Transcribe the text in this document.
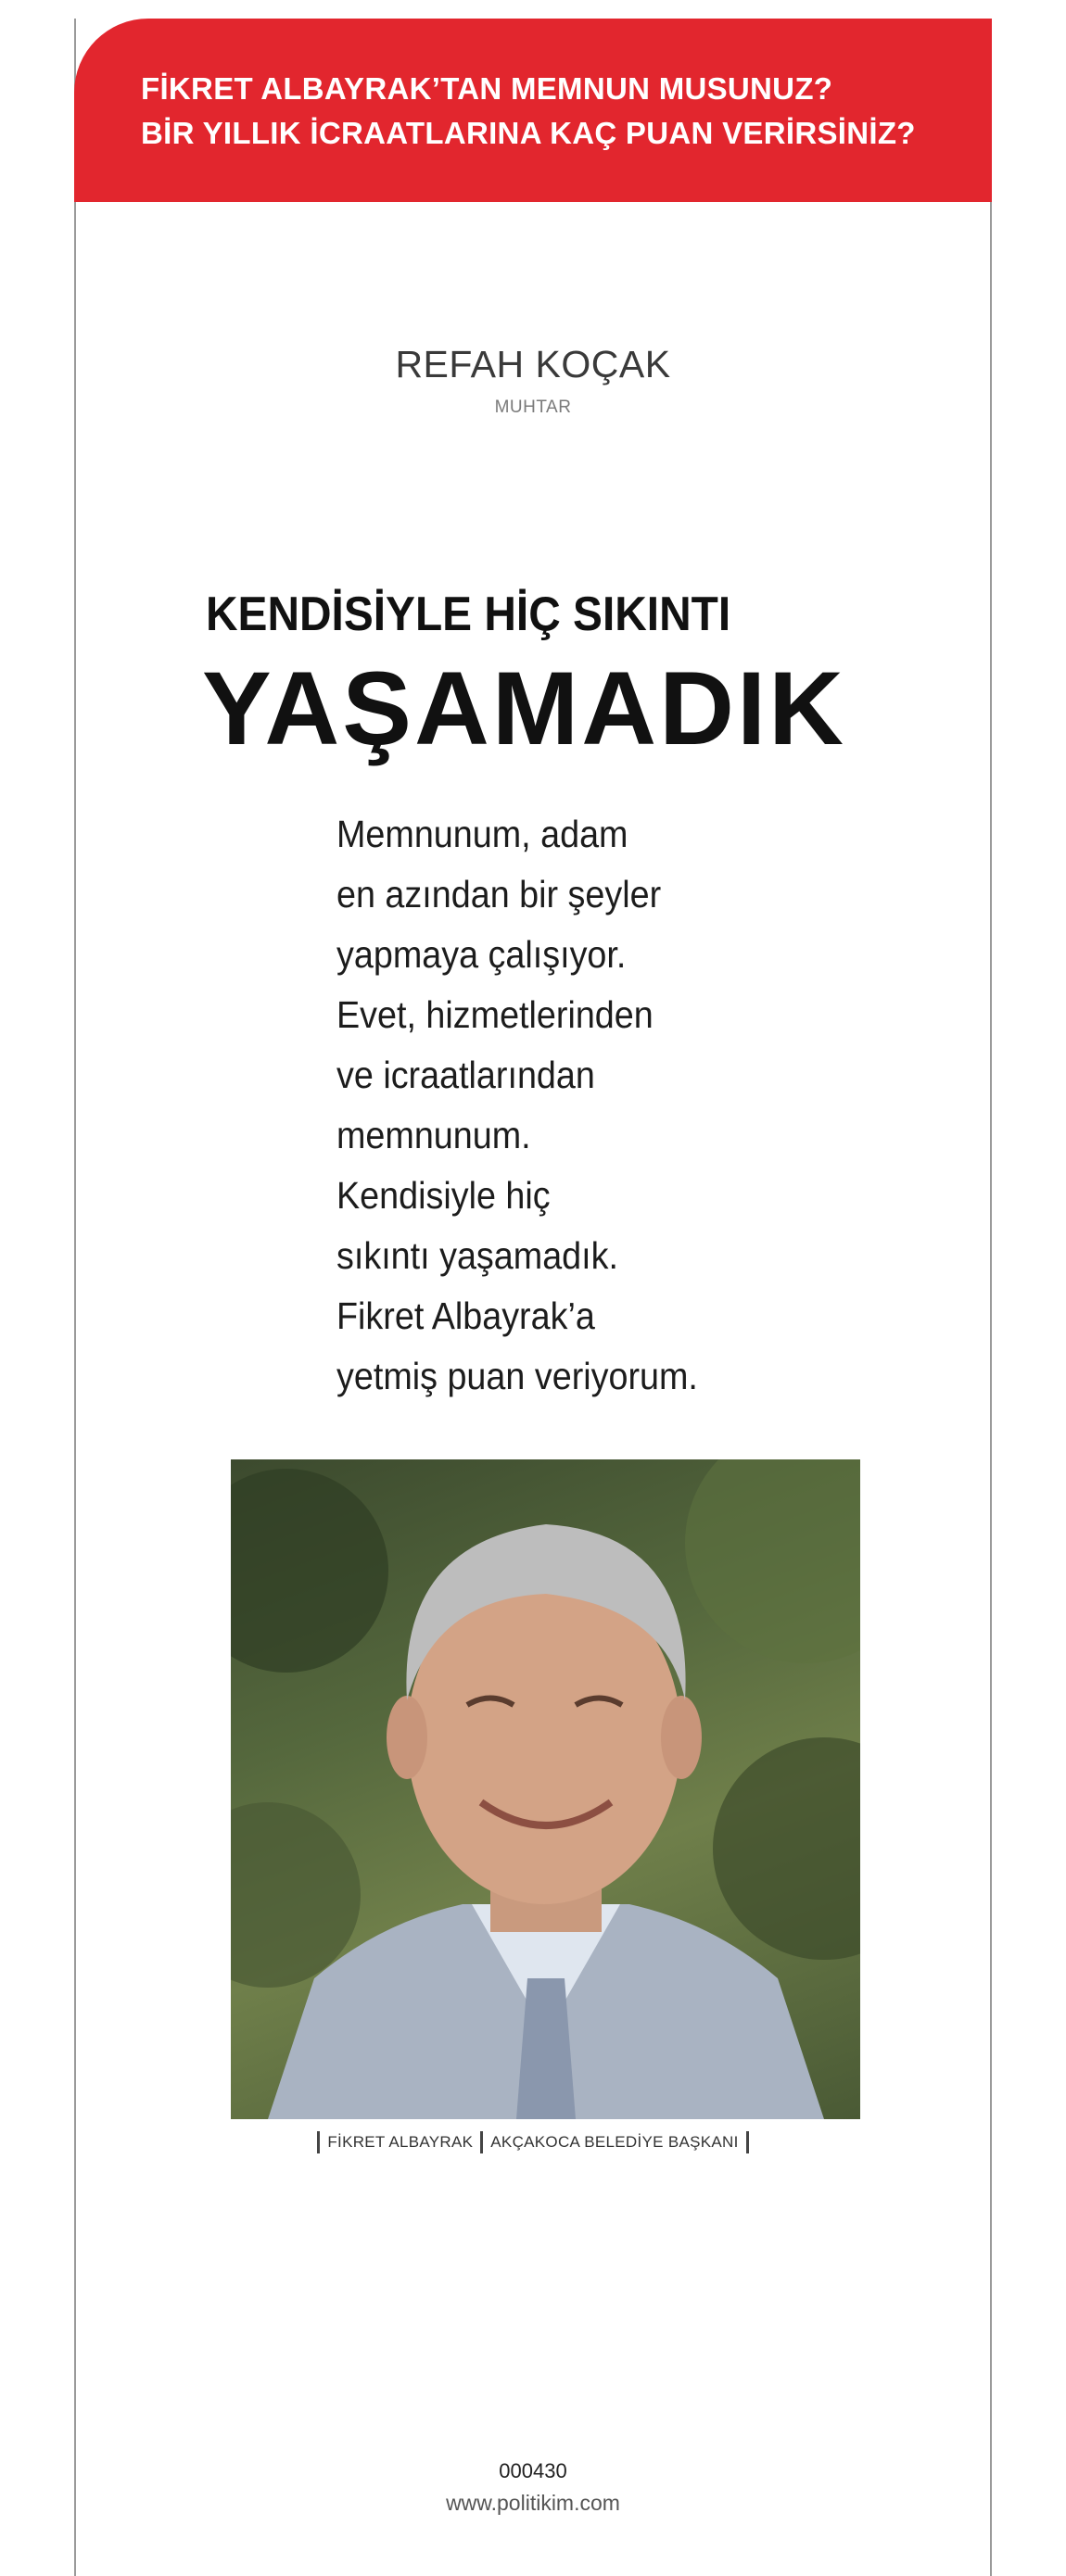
FİKRET ALBAYRAK’TAN MEMNUN MUSUNUZ?
BİR YILLIK İCRAATLARINA KAÇ PUAN VERİRSİNİZ?
REFAH KOÇAK
MUHTAR
KENDİSİYLE HİÇ SIKINTI
YAŞAMADIK
Memnunum, adam
en azından bir şeyler
yapmaya çalışıyor.
Evet, hizmetlerinden
ve icraatlarından
memnunum.
Kendisiyle hiç
sıkıntı yaşamadık.
Fikret Albayrak’a
yetmiş puan veriyorum.
FİKRET ALBAYRAK AKÇAKOCA BELEDİYE BAŞKANI
000430
www.politikim.com
